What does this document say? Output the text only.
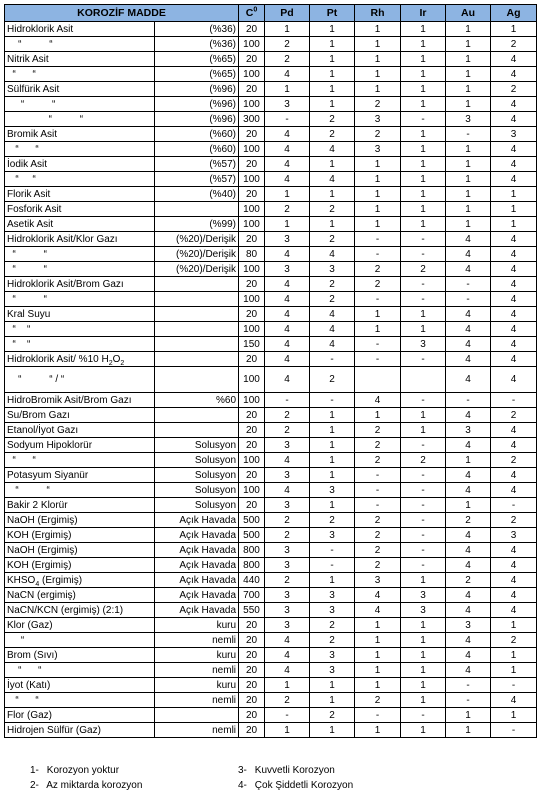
KOROZİF MADDE		$C^0$	Pd	Pt	Rh	Ir	Au	Ag
Hidroklorik Asit	(%36)	20	1	1	1	1	1	1
“          “	(%36)	100	2	1	1	1	1	2
Nitrik Asit	(%65)	20	2	1	1	1	1	4
“      “	(%65)	100	4	1	1	1	1	4
Sülfürik Asit	(%96)	20	1	1	1	1	1	2
“          “	(%96)	100	3	1	2	1	1	4
“          “	(%96)	300	-	2	3	-	3	4
Bromik Asit	(%60)	20	4	2	2	1	-	3
“      “	(%60)	100	4	4	3	1	1	4
İodik Asit	(%57)	20	4	1	1	1	1	4
“     “	(%57)	100	4	4	1	1	1	4
Florik Asit	(%40)	20	1	1	1	1	1	1
Fosforik Asit		100	2	2	1	1	1	1
Asetik Asit	(%99)	100	1	1	1	1	1	1
Hidroklorik Asit/Klor Gazı	(%20)/Derişik	20	3	2	-	-	4	4
“          “	(%20)/Derişik	80	4	4	-	-	4	4
“          “	(%20)/Derişik	100	3	3	2	2	4	4
Hidroklorik Asit/Brom Gazı		20	4	2	2	-	-	4
“          “		100	4	2	-	-	-	4
Kral Suyu		20	4	4	1	1	4	4
“    “		100	4	4	1	1	4	4
“    “		150	4	4	-	3	4	4
Hidroklorik Asit/ %10 $H_2O_2$		20	4	-	-	-	4	4
“          “ / “		100	4	2			4	4
HidroBromik Asit/Brom Gazı	%60	100	-	-	4	-	-	-
Su/Brom Gazı		20	2	1	1	1	4	2
Etanol/İyot Gazı		20	2	1	2	1	3	4
Sodyum Hipoklorür	Solusyon	20	3	1	2	-	4	4
“      “	Solusyon	100	4	1	2	2	1	2
Potasyum Siyanür	Solusyon	20	3	1	-	-	4	4
“          “	Solusyon	100	4	3	-	-	4	4
Bakir 2 Klorür	Solusyon	20	3	1	-	-	1	-
NaOH (Ergimiş)	Açık Havada	500	2	2	2	-	2	2
KOH (Ergimiş)	Açık Havada	500	2	3	2	-	4	3
NaOH (Ergimiş)	Açık Havada	800	3	-	2	-	4	4
KOH (Ergimiş)	Açık Havada	800	3	-	2	-	4	4
$KHSO_4$ (Ergimiş)	Açık Havada	440	2	1	3	1	2	4
NaCN (ergimiş)	Açık Havada	700	3	3	4	3	4	4
NaCN/KCN (ergimiş) (2:1)	Açık Havada	550	3	3	4	3	4	4
Klor (Gaz)	kuru	20	3	2	1	1	3	1
“	nemli	20	4	2	1	1	4	2
Brom (Sıvı)	kuru	20	4	3	1	1	4	1
“      “	nemli	20	4	3	1	1	4	1
İyot (Katı)	kuru	20	1	1	1	1	-	-
“      “	nemli	20	2	1	2	1	-	4
Flor (Gaz)		20	-	2	-	-	1	1
Hidrojen Sülfür (Gaz)	nemli	20	1	1	1	1	1	-
1- Korozyon yoktur
2- Az miktarda korozyon
3- Kuvvetli Korozyon
4- Çok Şiddetli Korozyon
